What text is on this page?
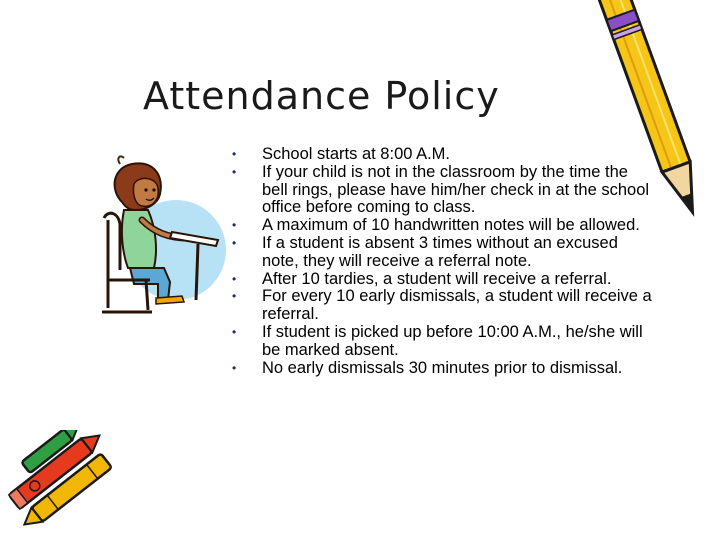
Attendance Policy
• School starts at 8:00 A.M.
• If your child is not in the classroom by the time the bell rings, please have him/her check in at the school office before coming to class.
• A maximum of 10 handwritten notes will be allowed.
• If a student is absent 3 times without an excused note, they will receive a referral note.
• After 10 tardies, a student will receive a referral.
• For every 10 early dismissals, a student will receive a referral.
• If student is picked up before 10:00 A.M., he/she will be marked absent.
• No early dismissals 30 minutes prior to dismissal.
